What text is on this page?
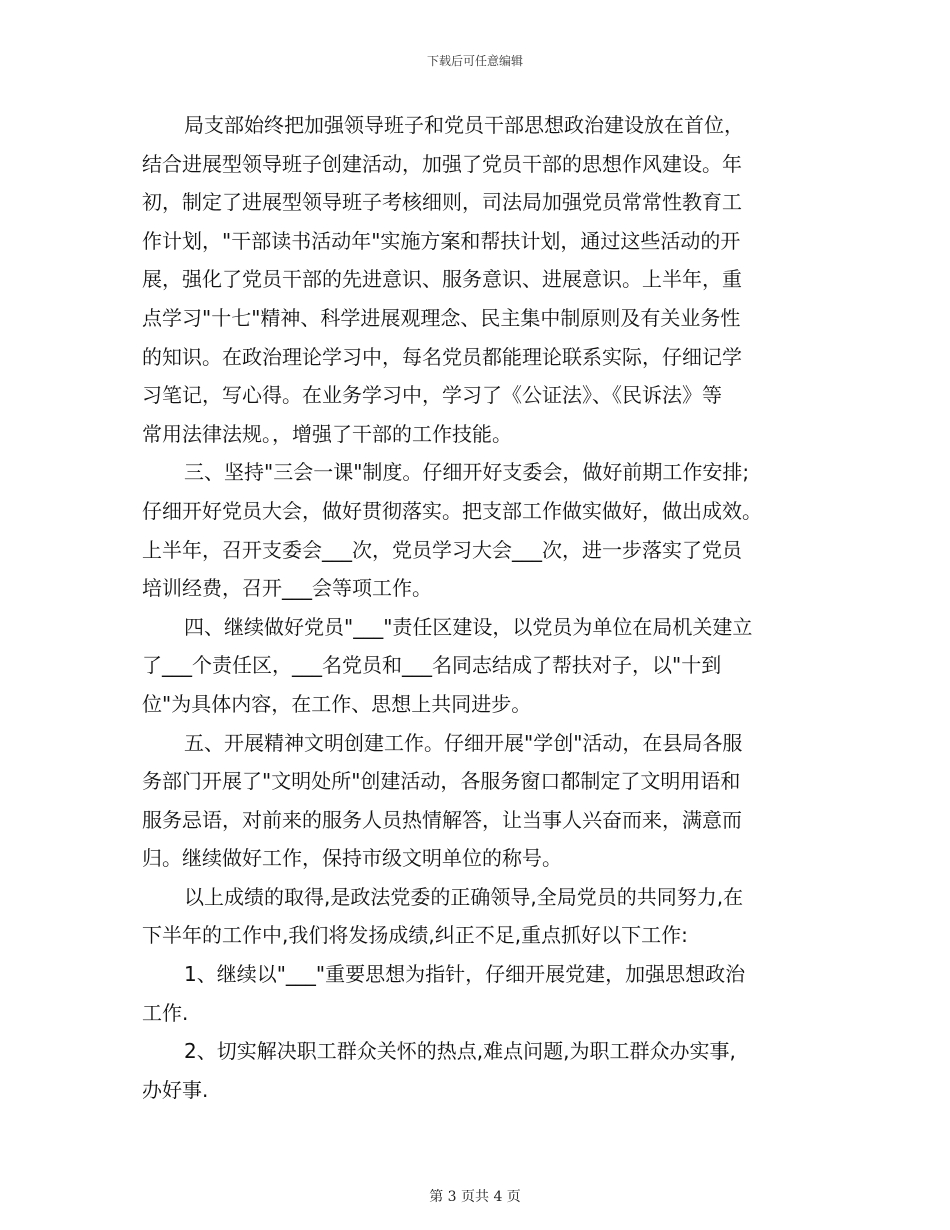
下载后可任意编辑

局支部始终把加强领导班子和党员干部思想政治建设放在首位，
结合进展型领导班子创建活动，加强了党员干部的思想作风建设。年
初，制定了进展型领导班子考核细则，司法局加强党员常常性教育工
作计划，"干部读书活动年"实施方案和帮扶计划，通过这些活动的开
展，强化了党员干部的先进意识、服务意识、进展意识。上半年，重
点学习"十七"精神、科学进展观理念、民主集中制原则及有关业务性
的知识。在政治理论学习中，每名党员都能理论联系实际，仔细记学
习笔记，写心得。在业务学习中，学习了《公证法》、《民诉法》等
常用法律法规。，增强了干部的工作技能。

三、坚持"三会一课"制度。仔细开好支委会，做好前期工作安排;
仔细开好党员大会，做好贯彻落实。把支部工作做实做好，做出成效。
上半年，召开支委会___次，党员学习大会___次，进一步落实了党员
培训经费，召开___会等项工作。

四、继续做好党员"___"责任区建设，以党员为单位在局机关建立
了___个责任区，___名党员和___名同志结成了帮扶对子，以"十到
位"为具体内容，在工作、思想上共同进步。

五、开展精神文明创建工作。仔细开展"学创"活动，在县局各服
务部门开展了"文明处所"创建活动，各服务窗口都制定了文明用语和
服务忌语，对前来的服务人员热情解答，让当事人兴奋而来，满意而
归。继续做好工作，保持市级文明单位的称号。

以上成绩的取得,是政法党委的正确领导,全局党员的共同努力,在
下半年的工作中,我们将发扬成绩,纠正不足,重点抓好以下工作:

1、继续以"___"重要思想为指针，仔细开展党建，加强思想政治
工作.

2、切实解决职工群众关怀的热点,难点问题,为职工群众办实事,
办好事.

第 3 页共 4 页
